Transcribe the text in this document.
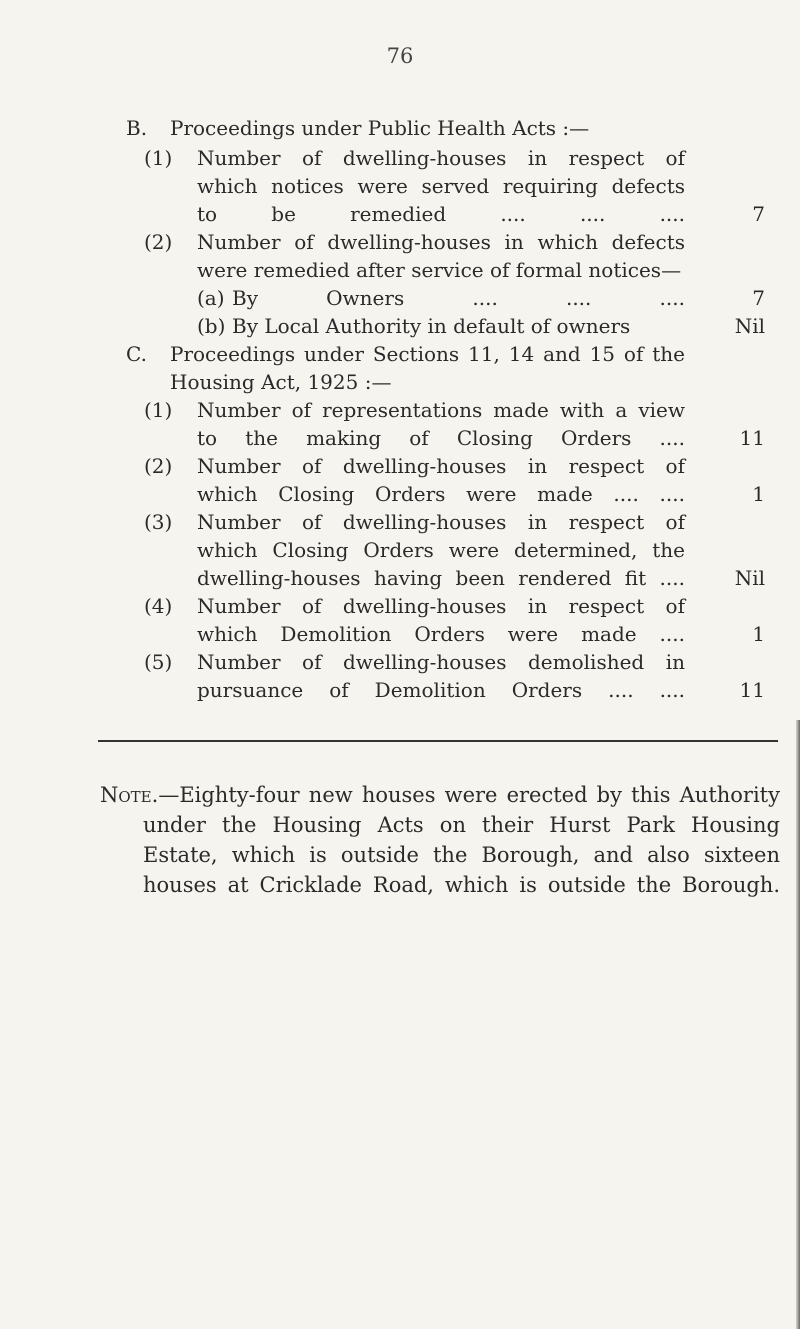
76
B. Proceedings under Public Health Acts :—
(1) Number of dwelling-houses in respect of
which notices were served requiring defects
to be remedied .... .... ....	7
(2) Number of dwelling-houses in which defects
were remedied after service of formal notices—
(a) By Owners .... .... ....	7
(b) By Local Authority in default of owners	Nil
C. Proceedings under Sections 11, 14 and 15 of the
Housing Act, 1925 :—
(1) Number of representations made with a view
to the making of Closing Orders ....	11
(2) Number of dwelling-houses in respect of
which Closing Orders were made .... ....	1
(3) Number of dwelling-houses in respect of
which Closing Orders were determined, the
dwelling-houses having been rendered fit ....	Nil
(4) Number of dwelling-houses in respect of
which Demolition Orders were made ....	1
(5) Number of dwelling-houses demolished in
pursuance of Demolition Orders .... ....	11
Note. —Eighty-four new houses were erected by this Authority
under the Housing Acts on their Hurst Park Housing
Estate, which is outside the Borough, and also sixteen
houses at Cricklade Road, which is outside the Borough.
